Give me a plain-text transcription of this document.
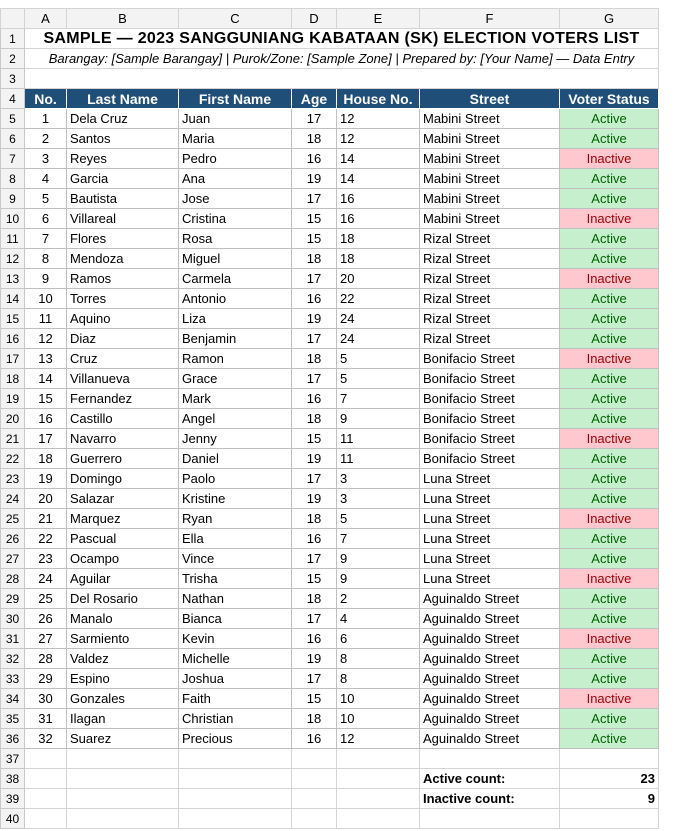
	A	B	C	D	E	F	G
1	SAMPLE — 2023 SANGGUNIANG KABATAAN (SK) ELECTION VOTERS LIST						
2	Barangay: [Sample Barangay] | Purok/Zone: [Sample Zone] | Prepared by: [Your Name] — Data Entry						
3							
4	No.	Last Name	First Name	Age	House No.	Street	Voter Status
5	1	Dela Cruz	Juan	17	12	Mabini Street	Active
6	2	Santos	Maria	18	12	Mabini Street	Active
7	3	Reyes	Pedro	16	14	Mabini Street	Inactive
8	4	Garcia	Ana	19	14	Mabini Street	Active
9	5	Bautista	Jose	17	16	Mabini Street	Active
10	6	Villareal	Cristina	15	16	Mabini Street	Inactive
11	7	Flores	Rosa	15	18	Rizal Street	Active
12	8	Mendoza	Miguel	18	18	Rizal Street	Active
13	9	Ramos	Carmela	17	20	Rizal Street	Inactive
14	10	Torres	Antonio	16	22	Rizal Street	Active
15	11	Aquino	Liza	19	24	Rizal Street	Active
16	12	Diaz	Benjamin	17	24	Rizal Street	Active
17	13	Cruz	Ramon	18	5	Bonifacio Street	Inactive
18	14	Villanueva	Grace	17	5	Bonifacio Street	Active
19	15	Fernandez	Mark	16	7	Bonifacio Street	Active
20	16	Castillo	Angel	18	9	Bonifacio Street	Active
21	17	Navarro	Jenny	15	11	Bonifacio Street	Inactive
22	18	Guerrero	Daniel	19	11	Bonifacio Street	Active
23	19	Domingo	Paolo	17	3	Luna Street	Active
24	20	Salazar	Kristine	19	3	Luna Street	Active
25	21	Marquez	Ryan	18	5	Luna Street	Inactive
26	22	Pascual	Ella	16	7	Luna Street	Active
27	23	Ocampo	Vince	17	9	Luna Street	Active
28	24	Aguilar	Trisha	15	9	Luna Street	Inactive
29	25	Del Rosario	Nathan	18	2	Aguinaldo Street	Active
30	26	Manalo	Bianca	17	4	Aguinaldo Street	Active
31	27	Sarmiento	Kevin	16	6	Aguinaldo Street	Inactive
32	28	Valdez	Michelle	19	8	Aguinaldo Street	Active
33	29	Espino	Joshua	17	8	Aguinaldo Street	Active
34	30	Gonzales	Faith	15	10	Aguinaldo Street	Inactive
35	31	Ilagan	Christian	18	10	Aguinaldo Street	Active
36	32	Suarez	Precious	16	12	Aguinaldo Street	Active
37							
38						Active count:	23
39						Inactive count:	9
40							
